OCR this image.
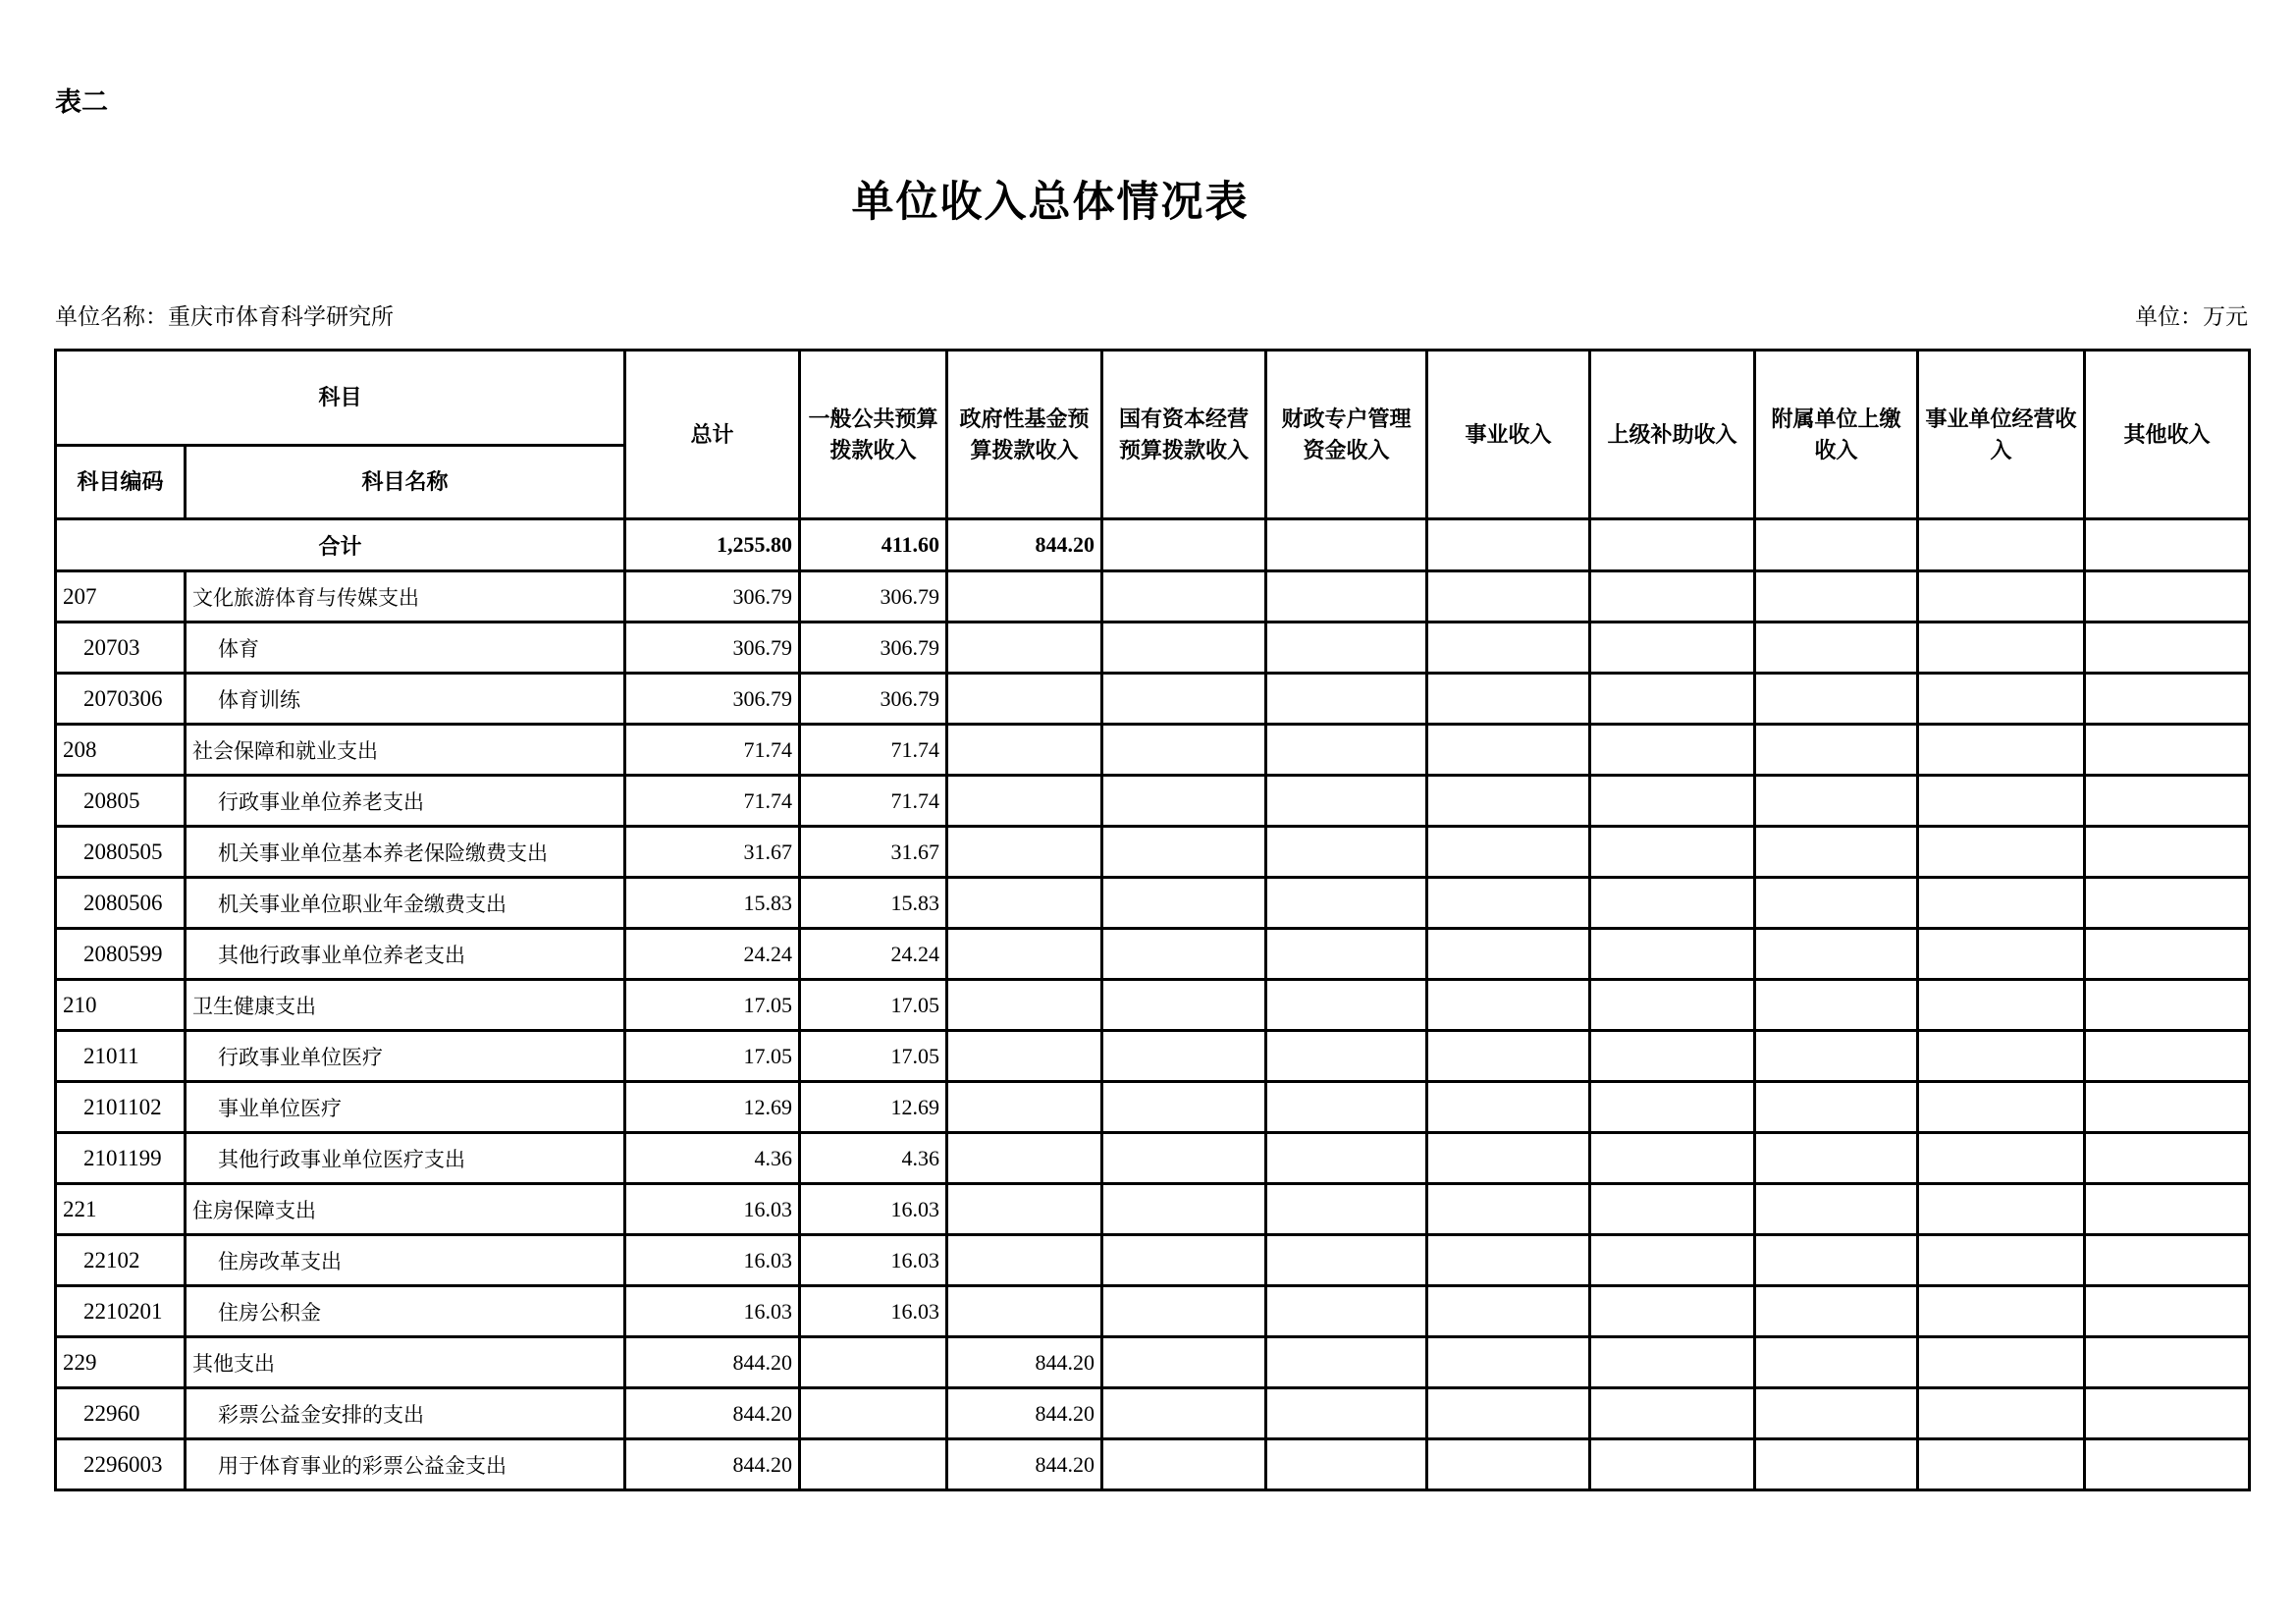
表二
单位收入总体情况表
单位名称：重庆市体育科学研究所	单位：万元
科目		总计	一般公共预算拨款收入	政府性基金预算拨款收入	国有资本经营预算拨款收入	财政专户管理资金收入	事业收入	上级补助收入	附属单位上缴收入	事业单位经营收入	其他收入
科目编码	科目名称										
合计		1,255.80	411.60	844.20							
207	文化旅游体育与传媒支出	306.79	306.79								
20703	体育	306.79	306.79								
2070306	体育训练	306.79	306.79								
208	社会保障和就业支出	71.74	71.74								
20805	行政事业单位养老支出	71.74	71.74								
2080505	机关事业单位基本养老保险缴费支出	31.67	31.67								
2080506	机关事业单位职业年金缴费支出	15.83	15.83								
2080599	其他行政事业单位养老支出	24.24	24.24								
210	卫生健康支出	17.05	17.05								
21011	行政事业单位医疗	17.05	17.05								
2101102	事业单位医疗	12.69	12.69								
2101199	其他行政事业单位医疗支出	4.36	4.36								
221	住房保障支出	16.03	16.03								
22102	住房改革支出	16.03	16.03								
2210201	住房公积金	16.03	16.03								
229	其他支出	844.20		844.20							
22960	彩票公益金安排的支出	844.20		844.20							
2296003	用于体育事业的彩票公益金支出	844.20		844.20							
